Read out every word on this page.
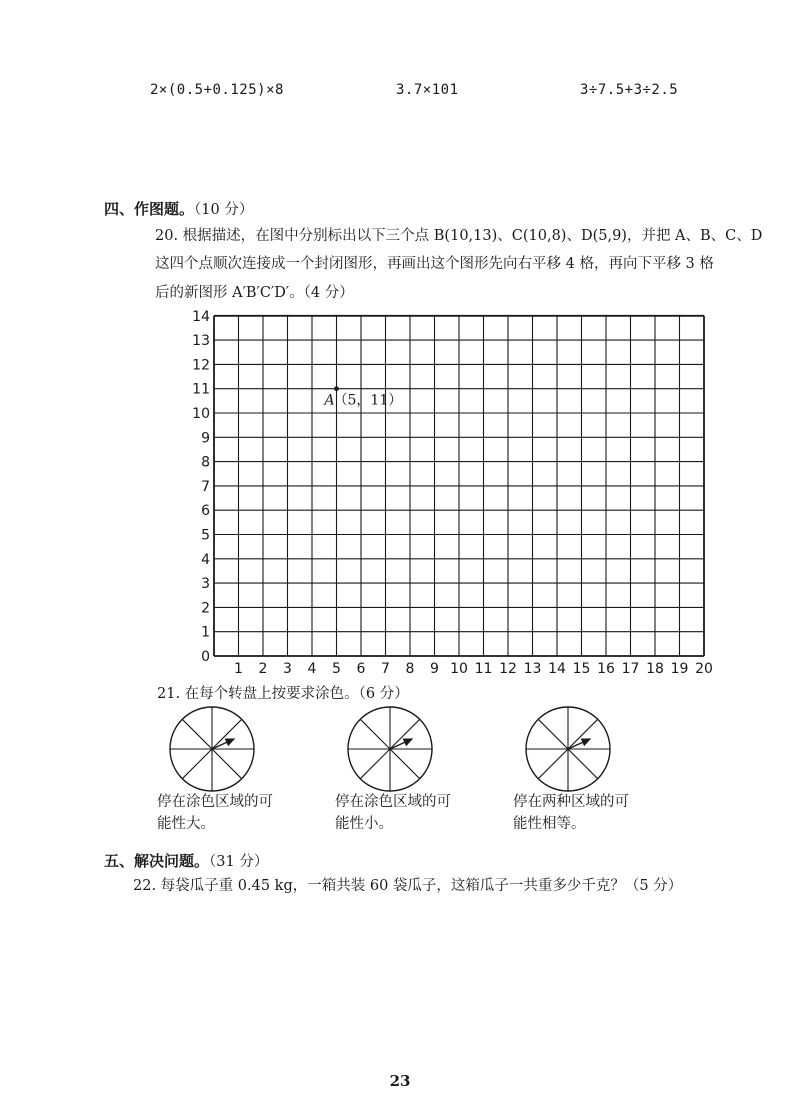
2×(0.5+0.125)×8	3.7×101	3÷7.5+3÷2.5
四、作图题。（10 分）
20. 根据描述，在图中分别标出以下三个点 B(10,13)、C(10,8)、D(5,9)，并把 A、B、C、D
这四个点顺次连接成一个封闭图形，再画出这个图形先向右平移 4 格，再向下平移 3 格
后的新图形 A′B′C′D′。（4 分）
1 2 3 4 5 6 7 8 9 10 11 12 13 14 15 16 17 18 19 20
0
1
2
3
4
5
6
7
8
9
10
11
12
13
14
A
（5，11）
21. 在每个转盘上按要求涂色。（6 分）
停在涂色区域的可能性大。
停在涂色区域的可能性小。
停在两种区域的可能性相等。
五、解决问题。（31 分）
22. 每袋瓜子重 0.45 kg，一箱共装 60 袋瓜子，这箱瓜子一共重多少千克？（5 分）
23
